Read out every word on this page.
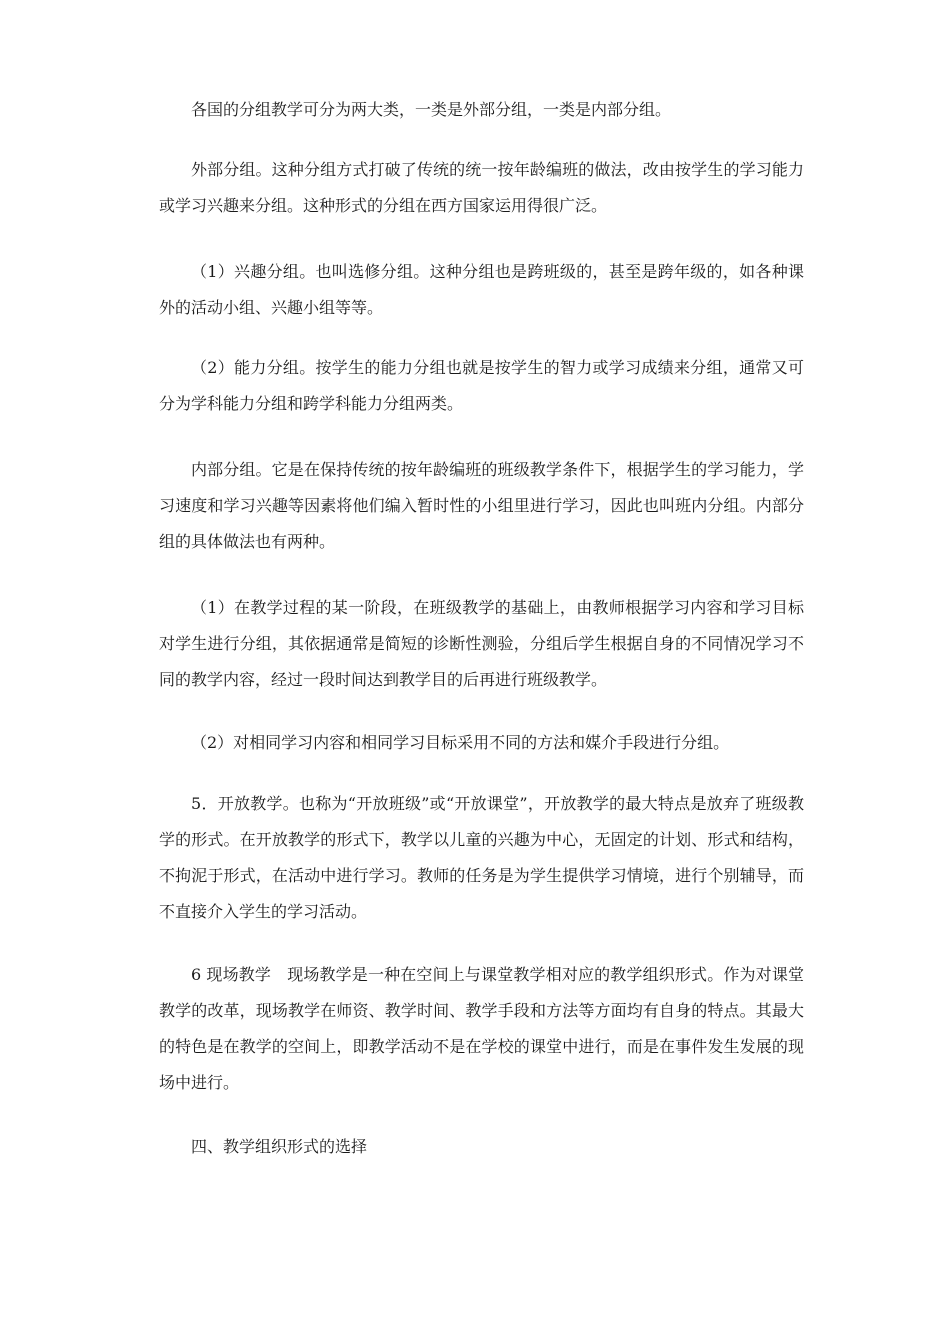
各国的分组教学可分为两大类，一类是外部分组，一类是内部分组。

外部分组。这种分组方式打破了传统的统一按年龄编班的做法，改由按学生的学习能力或学习兴趣来分组。这种形式的分组在西方国家运用得很广泛。

（1）兴趣分组。也叫选修分组。这种分组也是跨班级的，甚至是跨年级的，如各种课外的活动小组、兴趣小组等等。

（2）能力分组。按学生的能力分组也就是按学生的智力或学习成绩来分组，通常又可分为学科能力分组和跨学科能力分组两类。

内部分组。它是在保持传统的按年龄编班的班级教学条件下，根据学生的学习能力，学习速度和学习兴趣等因素将他们编入暂时性的小组里进行学习，因此也叫班内分组。内部分组的具体做法也有两种。

（1）在教学过程的某一阶段，在班级教学的基础上，由教师根据学习内容和学习目标对学生进行分组，其依据通常是简短的诊断性测验，分组后学生根据自身的不同情况学习不同的教学内容，经过一段时间达到教学目的后再进行班级教学。

（2）对相同学习内容和相同学习目标采用不同的方法和媒介手段进行分组。

5．开放教学。也称为“开放班级”或“开放课堂”，开放教学的最大特点是放弃了班级教学的形式。在开放教学的形式下，教学以儿童的兴趣为中心，无固定的计划、形式和结构，不拘泥于形式，在活动中进行学习。教师的任务是为学生提供学习情境，进行个别辅导，而不直接介入学生的学习活动。

6 现场教学　现场教学是一种在空间上与课堂教学相对应的教学组织形式。作为对课堂教学的改革，现场教学在师资、教学时间、教学手段和方法等方面均有自身的特点。其最大的特色是在教学的空间上，即教学活动不是在学校的课堂中进行，而是在事件发生发展的现场中进行。

四、教学组织形式的选择
